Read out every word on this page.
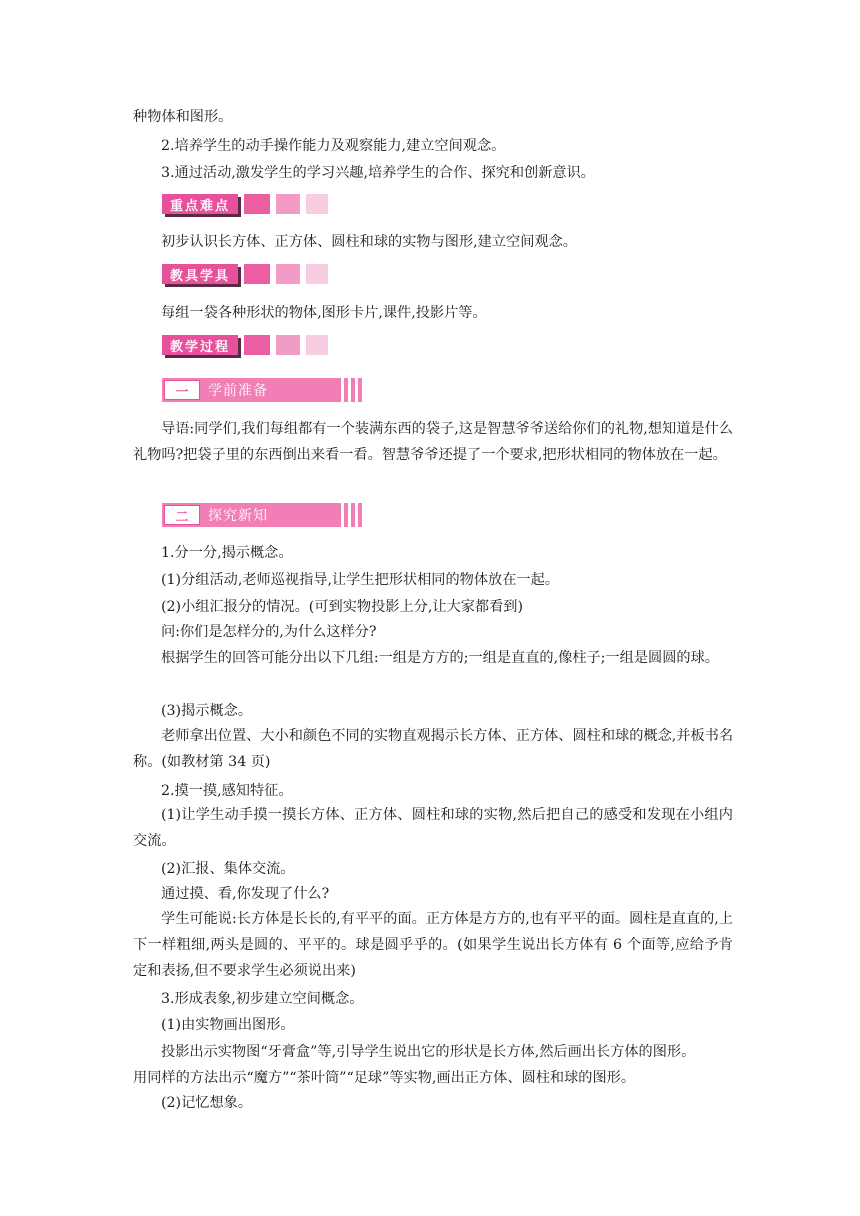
种物体和图形。
2.培养学生的动手操作能力及观察能力,建立空间观念。
3.通过活动,激发学生的学习兴趣,培养学生的合作、探究和创新意识。
重点难点
初步认识长方体、正方体、圆柱和球的实物与图形,建立空间观念。
教具学具
每组一袋各种形状的物体,图形卡片,课件,投影片等。
教学过程
一	学前准备
导语:同学们,我们每组都有一个装满东西的袋子,这是智慧爷爷送给你们的礼物,想知道是什么礼物吗?把袋子里的东西倒出来看一看。智慧爷爷还提了一个要求,把形状相同的物体放在一起。
二	探究新知
1.分一分,揭示概念。
(1)分组活动,老师巡视指导,让学生把形状相同的物体放在一起。
(2)小组汇报分的情况。(可到实物投影上分,让大家都看到)
问:你们是怎样分的,为什么这样分?
根据学生的回答可能分出以下几组:一组是方方的;一组是直直的,像柱子;一组是圆圆的球。
(3)揭示概念。
老师拿出位置、大小和颜色不同的实物直观揭示长方体、正方体、圆柱和球的概念,并板书名称。(如教材第 34 页)
2.摸一摸,感知特征。
(1)让学生动手摸一摸长方体、正方体、圆柱和球的实物,然后把自己的感受和发现在小组内交流。
(2)汇报、集体交流。
通过摸、看,你发现了什么?
学生可能说:长方体是长长的,有平平的面。正方体是方方的,也有平平的面。圆柱是直直的,上下一样粗细,两头是圆的、平平的。球是圆乎乎的。(如果学生说出长方体有 6 个面等,应给予肯定和表扬,但不要求学生必须说出来)
3.形成表象,初步建立空间概念。
(1)由实物画出图形。
投影出示实物图“牙膏盒”等,引导学生说出它的形状是长方体,然后画出长方体的图形。
用同样的方法出示“魔方”“茶叶筒”“足球”等实物,画出正方体、圆柱和球的图形。
(2)记忆想象。
